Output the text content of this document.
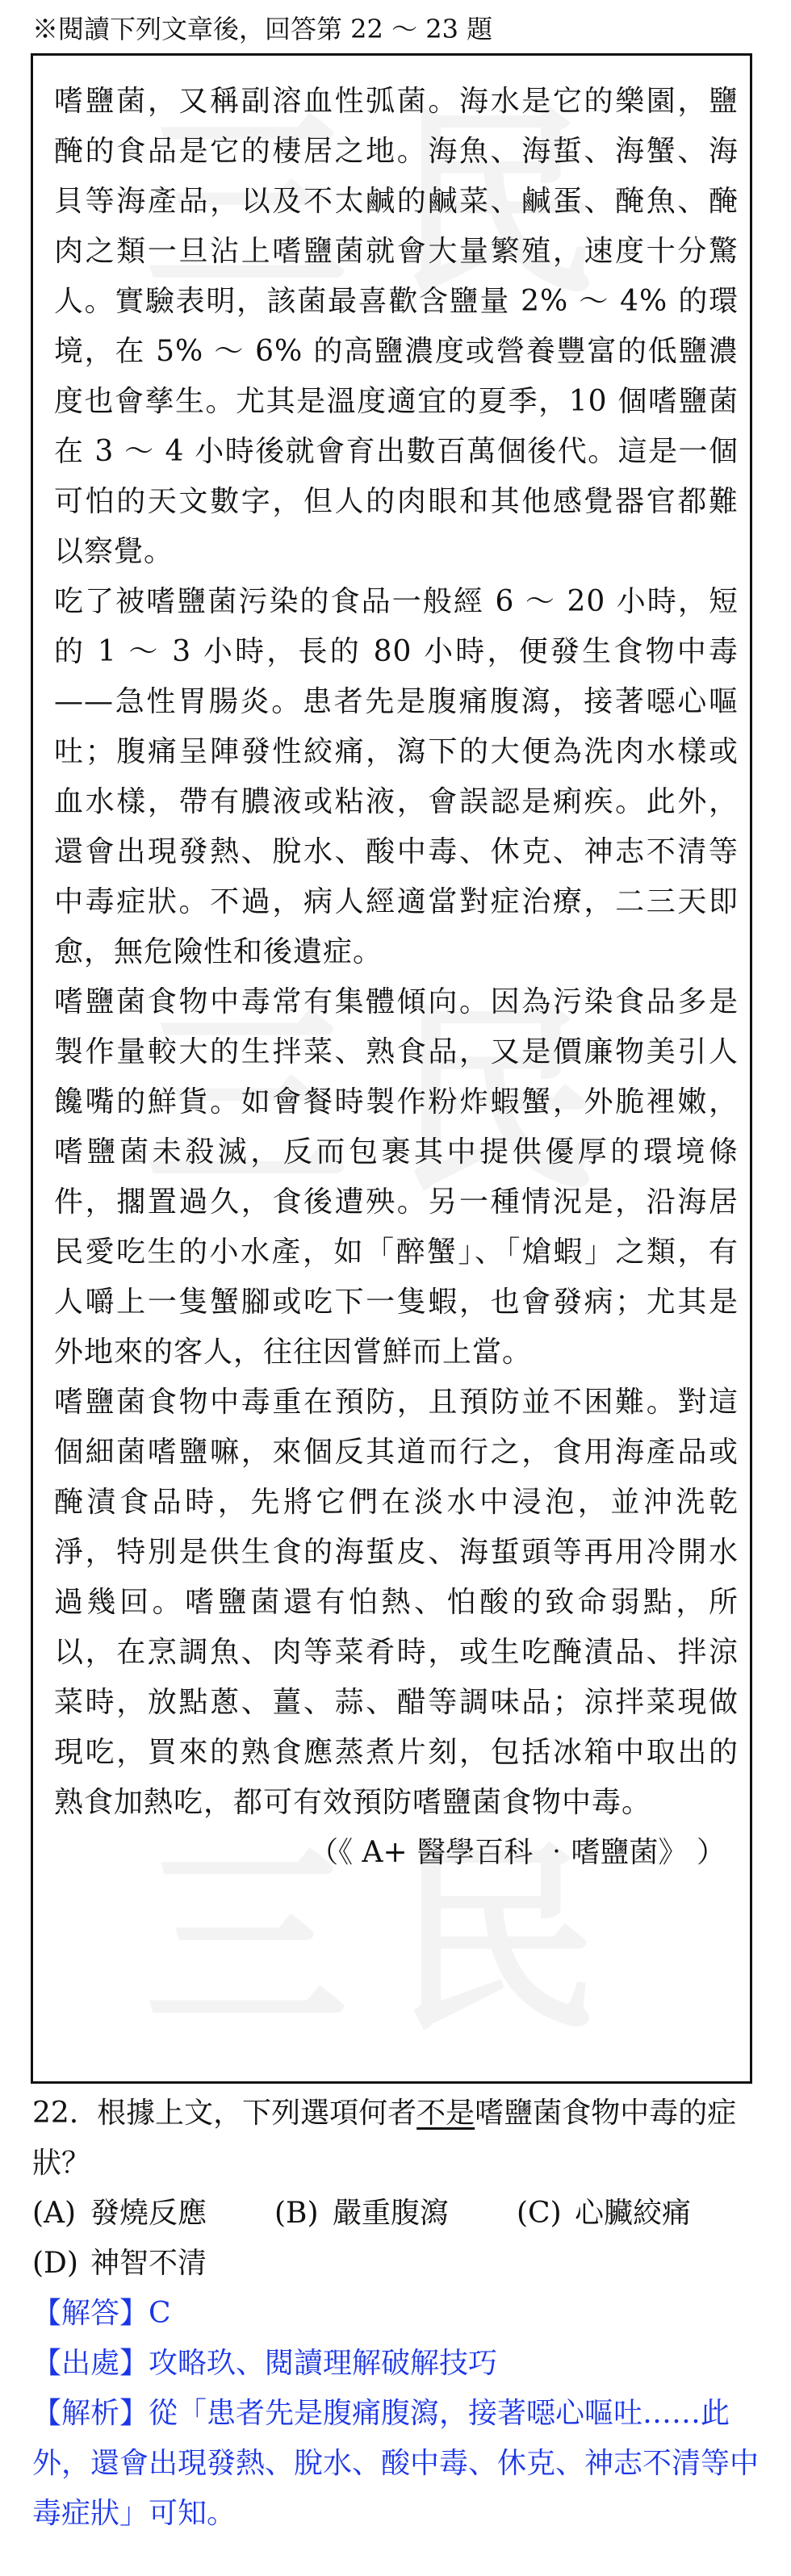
※閱讀下列文章後，回答第 22 ～ 23 題

嗜鹽菌，又稱副溶血性弧菌。海水是它的樂園，鹽醃的食品是它的棲居之地。海魚、海蜇、海蟹、海貝等海產品，以及不太鹹的鹹菜、鹹蛋、醃魚、醃肉之類一旦沾上嗜鹽菌就會大量繁殖，速度十分驚人。實驗表明，該菌最喜歡含鹽量 2% ～ 4% 的環境，在 5% ～ 6% 的高鹽濃度或營養豐富的低鹽濃度也會孳生。尤其是溫度適宜的夏季，10 個嗜鹽菌在 3 ～ 4 小時後就會育出數百萬個後代。這是一個可怕的天文數字，但人的肉眼和其他感覺器官都難以察覺。

吃了被嗜鹽菌污染的食品一般經 6 ～ 20 小時，短的 1 ～ 3 小時，長的 80 小時，便發生食物中毒——急性胃腸炎。患者先是腹痛腹瀉，接著噁心嘔吐；腹痛呈陣發性絞痛，瀉下的大便為洗肉水樣或血水樣，帶有膿液或粘液，會誤認是痢疾。此外，還會出現發熱、脫水、酸中毒、休克、神志不清等中毒症狀。不過，病人經適當對症治療，二三天即愈，無危險性和後遺症。

嗜鹽菌食物中毒常有集體傾向。因為污染食品多是製作量較大的生拌菜、熟食品，又是價廉物美引人饞嘴的鮮貨。如會餐時製作粉炸蝦蟹，外脆裡嫩，嗜鹽菌未殺滅，反而包裹其中提供優厚的環境條件，擱置過久，食後遭殃。另一種情況是，沿海居民愛吃生的小水產，如「醉蟹」、「熗蝦」之類，有人嚼上一隻蟹腳或吃下一隻蝦，也會發病；尤其是外地來的客人，往往因嘗鮮而上當。

嗜鹽菌食物中毒重在預防，且預防並不困難。對這個細菌嗜鹽嘛，來個反其道而行之，食用海產品或醃漬食品時，先將它們在淡水中浸泡，並沖洗乾淨，特別是供生食的海蜇皮、海蜇頭等再用冷開水過幾回。嗜鹽菌還有怕熱、怕酸的致命弱點，所以，在烹調魚、肉等菜肴時，或生吃醃漬品、拌涼菜時，放點蔥、薑、蒜、醋等調味品；涼拌菜現做現吃，買來的熟食應蒸煮片刻，包括冰箱中取出的熟食加熱吃，都可有效預防嗜鹽菌食物中毒。

（《 A+ 醫學百科 ‧嗜鹽菌》 ）

22. 根據上文，下列選項何者不是嗜鹽菌食物中毒的症狀？

(A) 發燒反應	(B) 嚴重腹瀉	(C) 心臟絞痛
(D) 神智不清

【解答】C

【出處】攻略玖、閱讀理解破解技巧

【解析】從「患者先是腹痛腹瀉，接著噁心嘔吐……此外，還會出現發熱、脫水、酸中毒、休克、神志不清等中毒症狀」可知。
